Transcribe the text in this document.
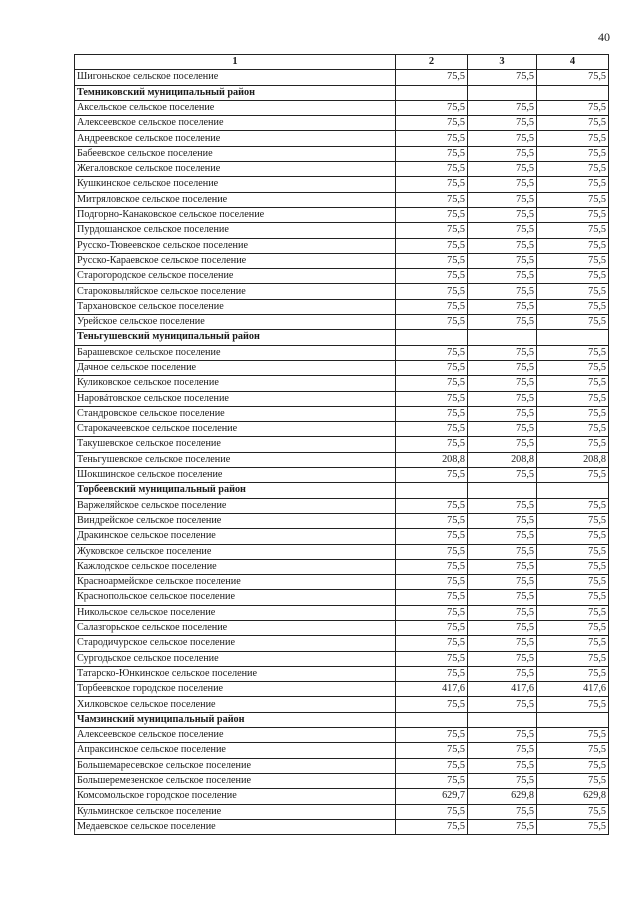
40
1	2	3	4
Шигоньское сельское поселение	75,5	75,5	75,5
Темниковский муниципальный район			
Аксельское сельское поселение	75,5	75,5	75,5
Алексеевское сельское поселение	75,5	75,5	75,5
Андреевское сельское поселение	75,5	75,5	75,5
Бабеевское сельское поселение	75,5	75,5	75,5
Жегаловское сельское поселение	75,5	75,5	75,5
Кушкинское сельское поселение	75,5	75,5	75,5
Митряловское сельское поселение	75,5	75,5	75,5
Подгорно-Канаковское сельское поселение	75,5	75,5	75,5
Пурдошанское сельское поселение	75,5	75,5	75,5
Русско-Тювеевское сельское поселение	75,5	75,5	75,5
Русско-Караевское сельское поселение	75,5	75,5	75,5
Старогородское сельское поселение	75,5	75,5	75,5
Староковыляйское сельское поселение	75,5	75,5	75,5
Тархановское сельское поселение	75,5	75,5	75,5
Урейское сельское поселение	75,5	75,5	75,5
Теньгушевский муниципальный район			
Барашевское сельское поселение	75,5	75,5	75,5
Дачное сельское поселение	75,5	75,5	75,5
Куликовское сельское поселение	75,5	75,5	75,5
Наровáтовское сельское поселение	75,5	75,5	75,5
Стандровское сельское поселение	75,5	75,5	75,5
Старокачеевское сельское поселение	75,5	75,5	75,5
Такушевское сельское поселение	75,5	75,5	75,5
Теньгушевское сельское поселение	208,8	208,8	208,8
Шокшинское сельское поселение	75,5	75,5	75,5
Торбеевский муниципальный район			
Варжеляйское сельское поселение	75,5	75,5	75,5
Виндрейское сельское поселение	75,5	75,5	75,5
Дракинское сельское поселение	75,5	75,5	75,5
Жуковское сельское поселение	75,5	75,5	75,5
Кажлодское сельское поселение	75,5	75,5	75,5
Красноармейское сельское поселение	75,5	75,5	75,5
Краснопольское сельское поселение	75,5	75,5	75,5
Никольское сельское поселение	75,5	75,5	75,5
Салазгорьское сельское поселение	75,5	75,5	75,5
Стародичурское сельское поселение	75,5	75,5	75,5
Сургодьское сельское поселение	75,5	75,5	75,5
Татарско-Юнкинское сельское поселение	75,5	75,5	75,5
Торбеевское городское поселение	417,6	417,6	417,6
Хилковское сельское поселение	75,5	75,5	75,5
Чамзинский муниципальный район			
Алексеевское сельское поселение	75,5	75,5	75,5
Апраксинское сельское поселение	75,5	75,5	75,5
Большемаресевское сельское поселение	75,5	75,5	75,5
Большеремезенское сельское поселение	75,5	75,5	75,5
Комсомольское городское поселение	629,7	629,8	629,8
Кульминское сельское поселение	75,5	75,5	75,5
Медаевское сельское поселение	75,5	75,5	75,5
